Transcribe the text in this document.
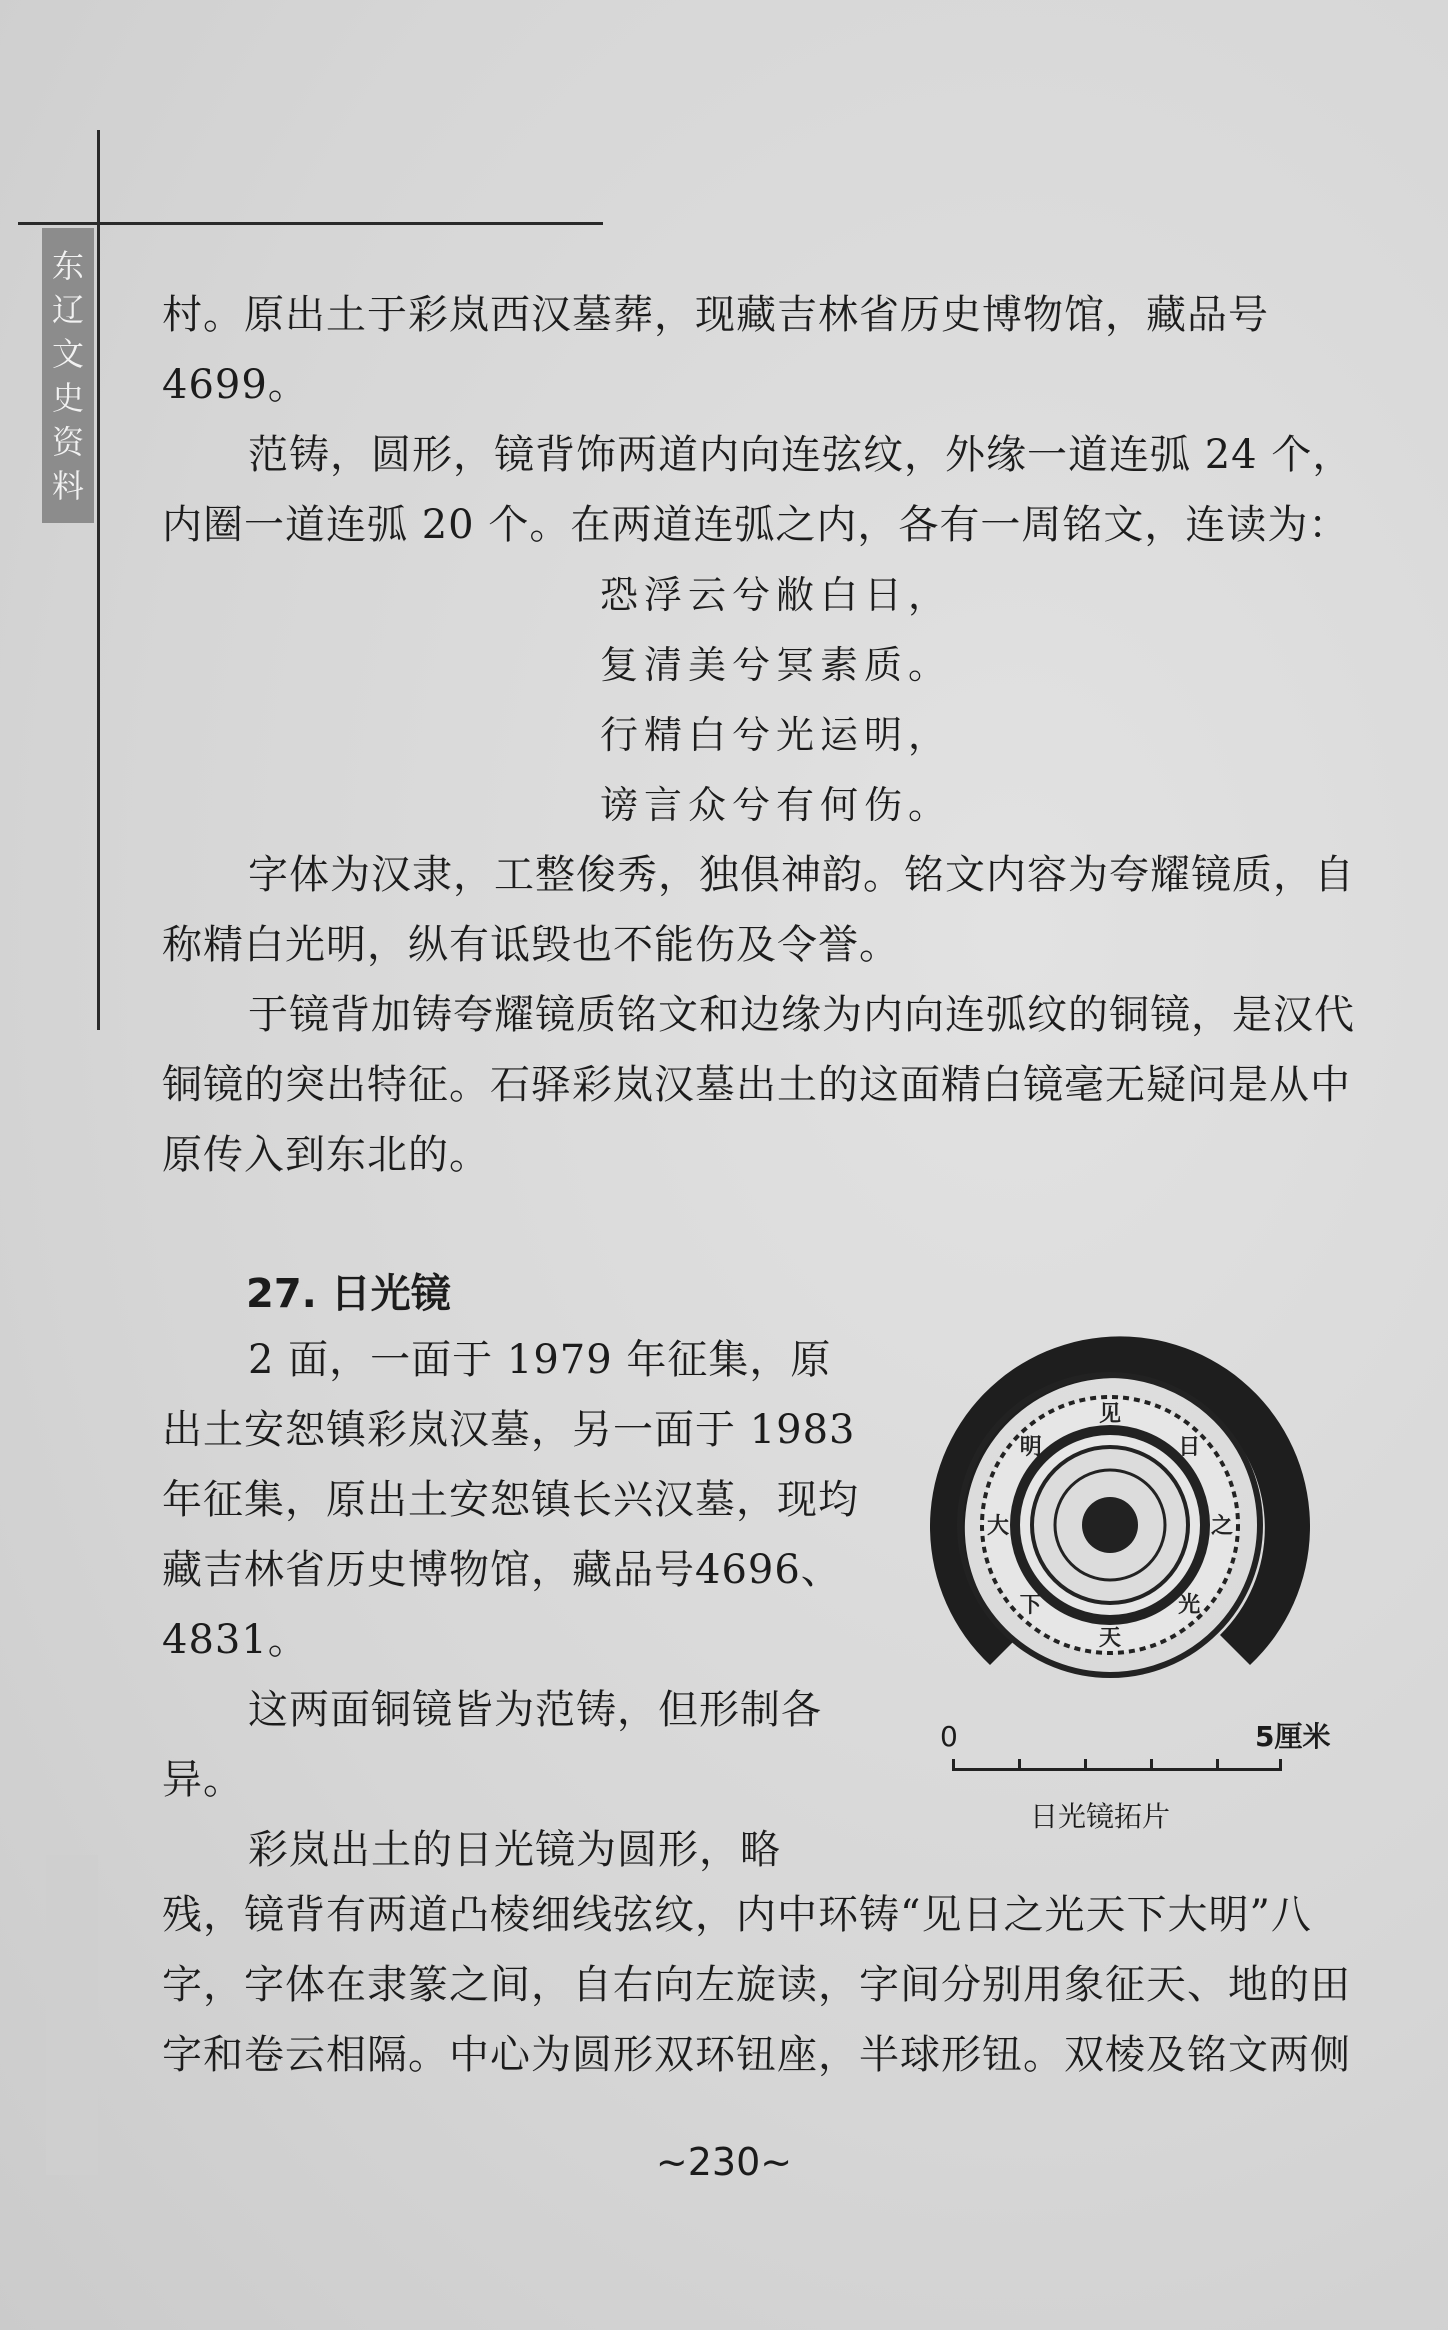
东
辽
文
史
资
料

村。原出土于彩岚西汉墓葬，现藏吉林省历史博物馆，藏品号4699。

范铸，圆形，镜背饰两道内向连弦纹，外缘一道连弧 24 个，内圈一道连弧 20 个。在两道连弧之内，各有一周铭文，连读为：

恐浮云兮敝白日，
复清美兮冥素质。
行精白兮光运明，
谤言众兮有何伤。

字体为汉隶，工整俊秀，独俱神韵。铭文内容为夸耀镜质，自称精白光明，纵有诋毁也不能伤及令誉。

于镜背加铸夸耀镜质铭文和边缘为内向连弧纹的铜镜，是汉代铜镜的突出特征。石驿彩岚汉墓出土的这面精白镜毫无疑问是从中原传入到东北的。

27. 日光镜

2 面，一面于 1979 年征集，原出土安恕镇彩岚汉墓，另一面于 1983 年征集，原出土安恕镇长兴汉墓，现均藏吉林省历史博物馆，藏品号4696、4831。

这两面铜镜皆为范铸，但形制各异。

彩岚出土的日光镜为圆形，略

见
日
之
光
天
下
大
明
0	5厘米
日光镜拓片

残，镜背有两道凸棱细线弦纹，内中环铸“见日之光天下大明”八字，字体在隶篆之间，自右向左旋读，字间分别用象征天、地的田字和卷云相隔。中心为圆形双环钮座，半球形钮。双棱及铭文两侧

~230~
